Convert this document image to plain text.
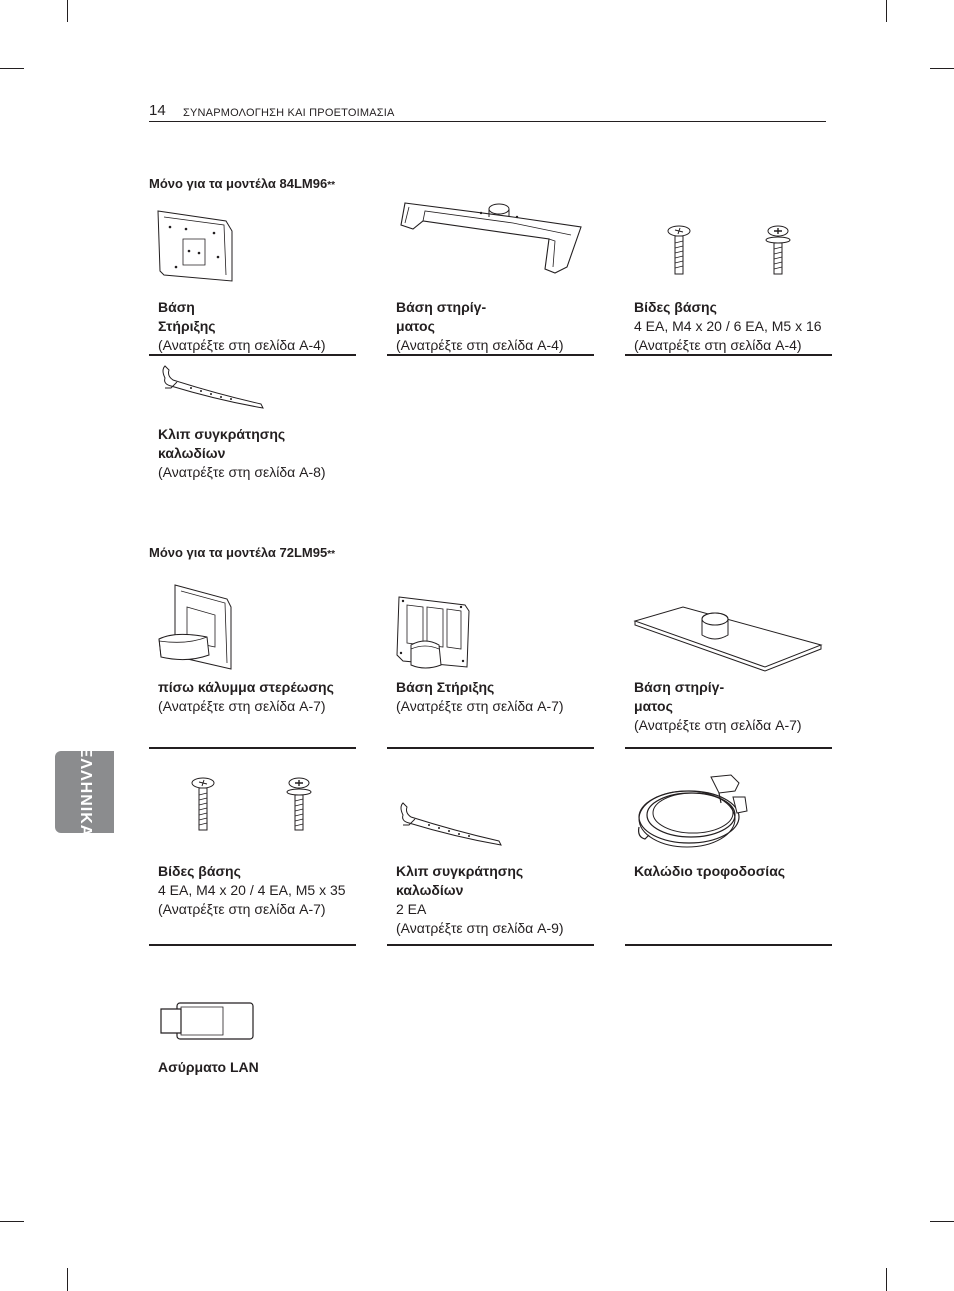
14 ΣΥΝΑΡΜΟΛΟΓΗΣΗ ΚΑΙ ΠΡΟΕΤΟΙΜΑΣΙΑ
ΕΛΛΗΝΙΚΑ
Μόνο για τα μοντέλα 84LM96**
Βάση
Στήριξης
(Ανατρέξτε στη σελίδα A-4)
Βάση στηρίγ-
ματος
(Ανατρέξτε στη σελίδα A-4)
Βίδες βάσης
4 EA, M4 x 20 / 6 EA, M5 x 16
(Ανατρέξτε στη σελίδα A-4)
Κλιπ συγκράτησης
καλωδίων
(Ανατρέξτε στη σελίδα A-8)
Μόνο για τα μοντέλα 72LM95**
πίσω κάλυμμα στερέωσης
(Ανατρέξτε στη σελίδα A-7)
Βάση Στήριξης
(Ανατρέξτε στη σελίδα A-7)
Βάση στηρίγ-
ματος
(Ανατρέξτε στη σελίδα A-7)
Βίδες βάσης
4 EA, M4 x 20 / 4 EA, M5 x 35
(Ανατρέξτε στη σελίδα A-7)
Κλιπ συγκράτησης
καλωδίων
2 EA
(Ανατρέξτε στη σελίδα A-9)
Καλώδιο τροφοδοσίας
Ασύρματο LAN
